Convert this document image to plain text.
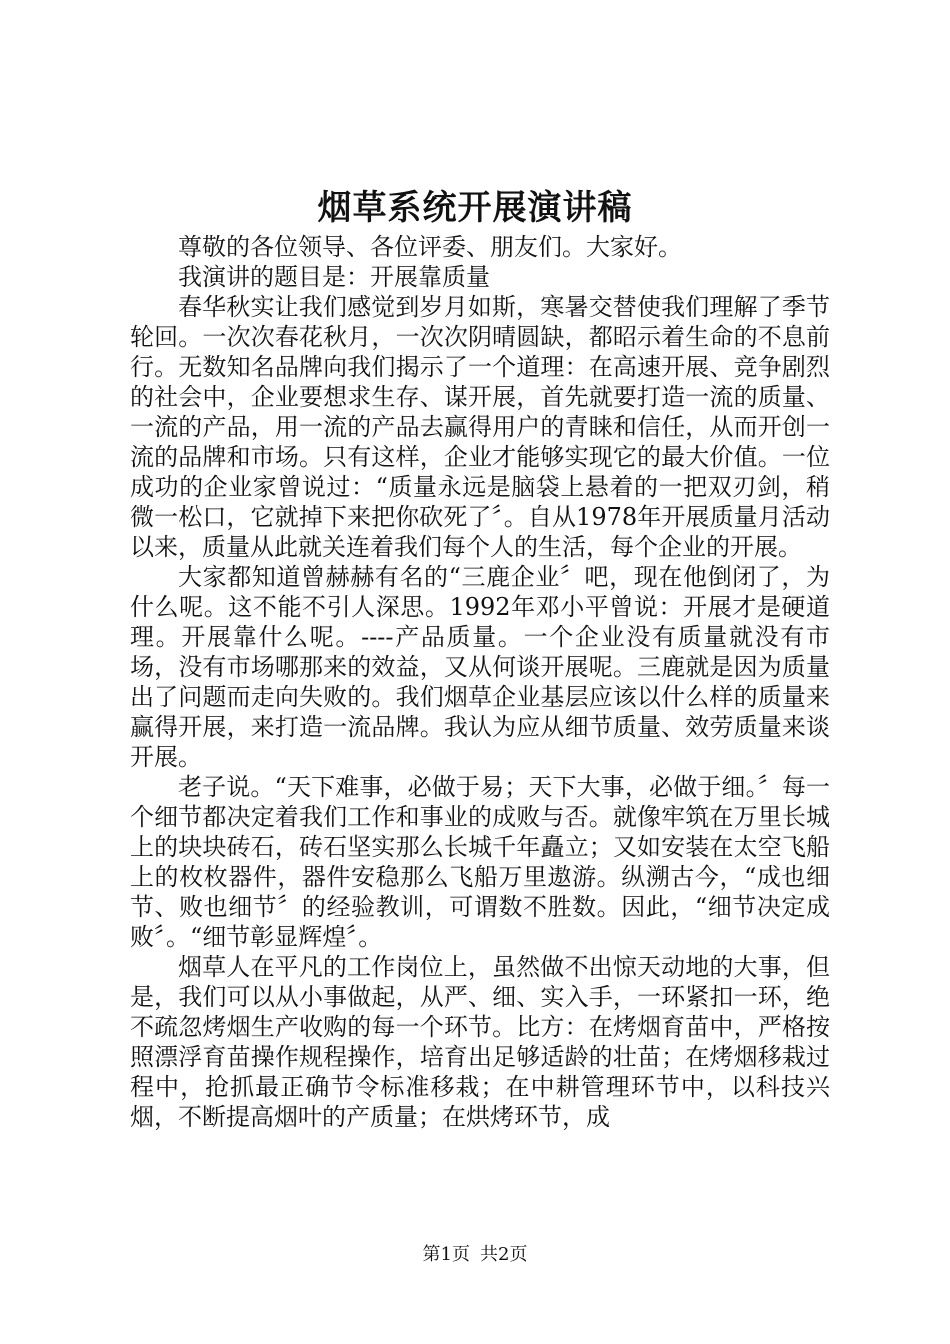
烟草系统开展演讲稿

尊敬的各位领导、各位评委、朋友们。大家好。

我演讲的题目是：开展靠质量

春华秋实让我们感觉到岁月如斯，寒暑交替使我们理解了季节轮回。一次次春花秋月，一次次阴晴圆缺，都昭示着生命的不息前行。无数知名品牌向我们揭示了一个道理：在高速开展、竞争剧烈的社会中，企业要想求生存、谋开展，首先就要打造一流的质量、一流的产品，用一流的产品去赢得用户的青睐和信任，从而开创一流的品牌和市场。只有这样，企业才能够实现它的最大价值。一位成功的企业家曾说过：“质量永远是脑袋上悬着的一把双刃剑，稍微一松口，它就掉下来把你砍死了〞。自从1978年开展质量月活动以来，质量从此就关连着我们每个人的生活，每个企业的开展。

大家都知道曾赫赫有名的“三鹿企业〞吧，现在他倒闭了，为什么呢。这不能不引人深思。1992年邓小平曾说：开展才是硬道理。开展靠什么呢。----产品质量。一个企业没有质量就没有市场，没有市场哪那来的效益，又从何谈开展呢。三鹿就是因为质量出了问题而走向失败的。我们烟草企业基层应该以什么样的质量来赢得开展，来打造一流品牌。我认为应从细节质量、效劳质量来谈开展。

老子说。“天下难事，必做于易；天下大事，必做于细。〞每一个细节都决定着我们工作和事业的成败与否。就像牢筑在万里长城上的块块砖石，砖石坚实那么长城千年矗立；又如安装在太空飞船上的枚枚器件，器件安稳那么飞船万里遨游。纵溯古今，“成也细节、败也细节〞的经验教训，可谓数不胜数。因此，“细节决定成败〞。“细节彰显辉煌〞。

烟草人在平凡的工作岗位上，虽然做不出惊天动地的大事，但是，我们可以从小事做起，从严、细、实入手，一环紧扣一环，绝不疏忽烤烟生产收购的每一个环节。比方：在烤烟育苗中，严格按照漂浮育苗操作规程操作，培育出足够适龄的壮苗；在烤烟移栽过程中，抢抓最正确节令标准移栽；在中耕管理环节中，以科技兴烟，不断提高烟叶的产质量；在烘烤环节，成

第1页 共2页
